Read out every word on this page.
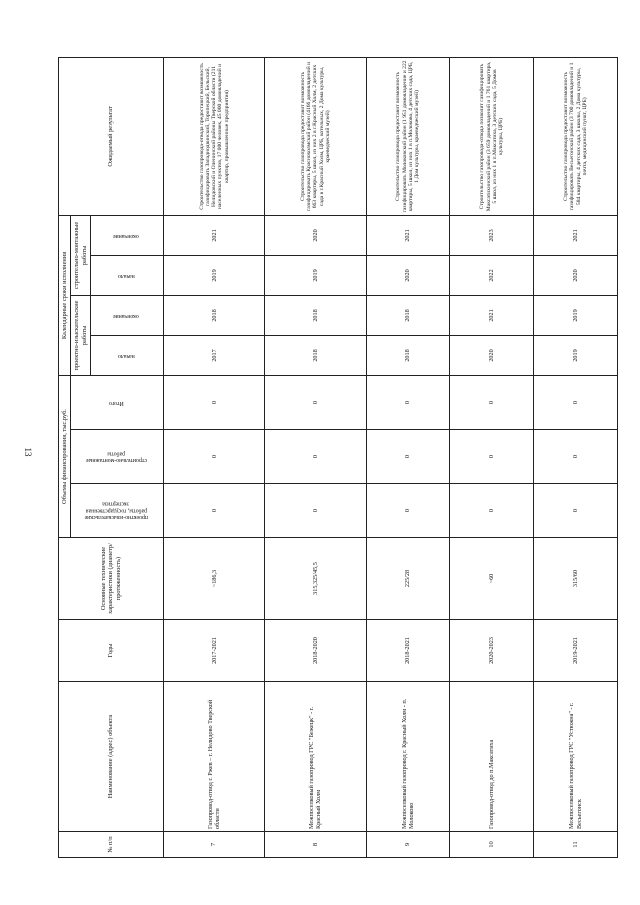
13
№ п/п	Наименование (адрес) объекта	Годы	Основные технические характеристики (диаметр/протяженность)	Объемы финансирования, тыс.руб.			Календарные сроки исполнения				Ожидаемый результат
				проектно-изыскательские работы, государственная экспертиза	строительно-монтажные работы	Итого	проектно-изыскательские работы		строительно-монтажные работы		
							начало	окончание	начало	окончание	
7	Газопровод-отвод г. Ржев – г. Нелидово Тверской области	2017-2021	~186,3	0	0	0	2017	2018	2019	2021	Строительство газопровода-отвода предоставит возможность газифицировать Западнодвинский, Торопецкий, Бельский, Нелидовский и Оленинский районы Тверской области (211 населенных пунктов, 17 000 человек, 45 000 домовладений и квартир, промышленные предприятия)
8	Межпоселковый газопровод ГРС "Бежецк" - г. Красный Холм	2018-2020	315,325/45,5	0	0	0	2018	2018	2019	2020	Строительство газопровода предоставит возможность газифицировать Краснохолмский район (4166 домовладений и 663 квартиры, 5 школ, из них 2 в г.Красный Холм, 2 детских сада в г.Красный Холм, ЦРБ, котельных, 2 Дома культуры, краеведческий музей)
9	Межпоселковый газопровод г. Красный Холм - п. Молоково	2018-2021	225/28	0	0	0	2018	2018	2020	2021	Строительство газопровода предоставит возможность газифицировать Молоковский район (1 951 домовладение и 222 квартиры, 5 школ, из них 1 в п.Молоково, 4 детских сада, ЦРБ, 1 Дом культуры, краеведческий музей)
10	Газопровод-отвод до п.Максатиха	2020-2023	~60	0	0	0	2020	2021	2022	2023	Строительство газопровода-отвода позволит газифицировать Максатихинский район (3 659 домовладений и 1 761 квартира, 5 школ, из них 1 в п.Максатиха, 3 детских сада, 5 Домов культуры, ЦРБ)
11	Межпоселковый газопровод ГРС "Устюжна" - г. Весьегонск	2019-2021	315/60	0	0	0	2019	2019	2020	2021	Строительство газопровода предоставит возможность газифицировать Весьегонский район (3 700 домовладений и 1 584 квартиры, 4 детских сада, 3 школы, 2 Дома культуры, почта, медицинский пункт, ЦРБ)
